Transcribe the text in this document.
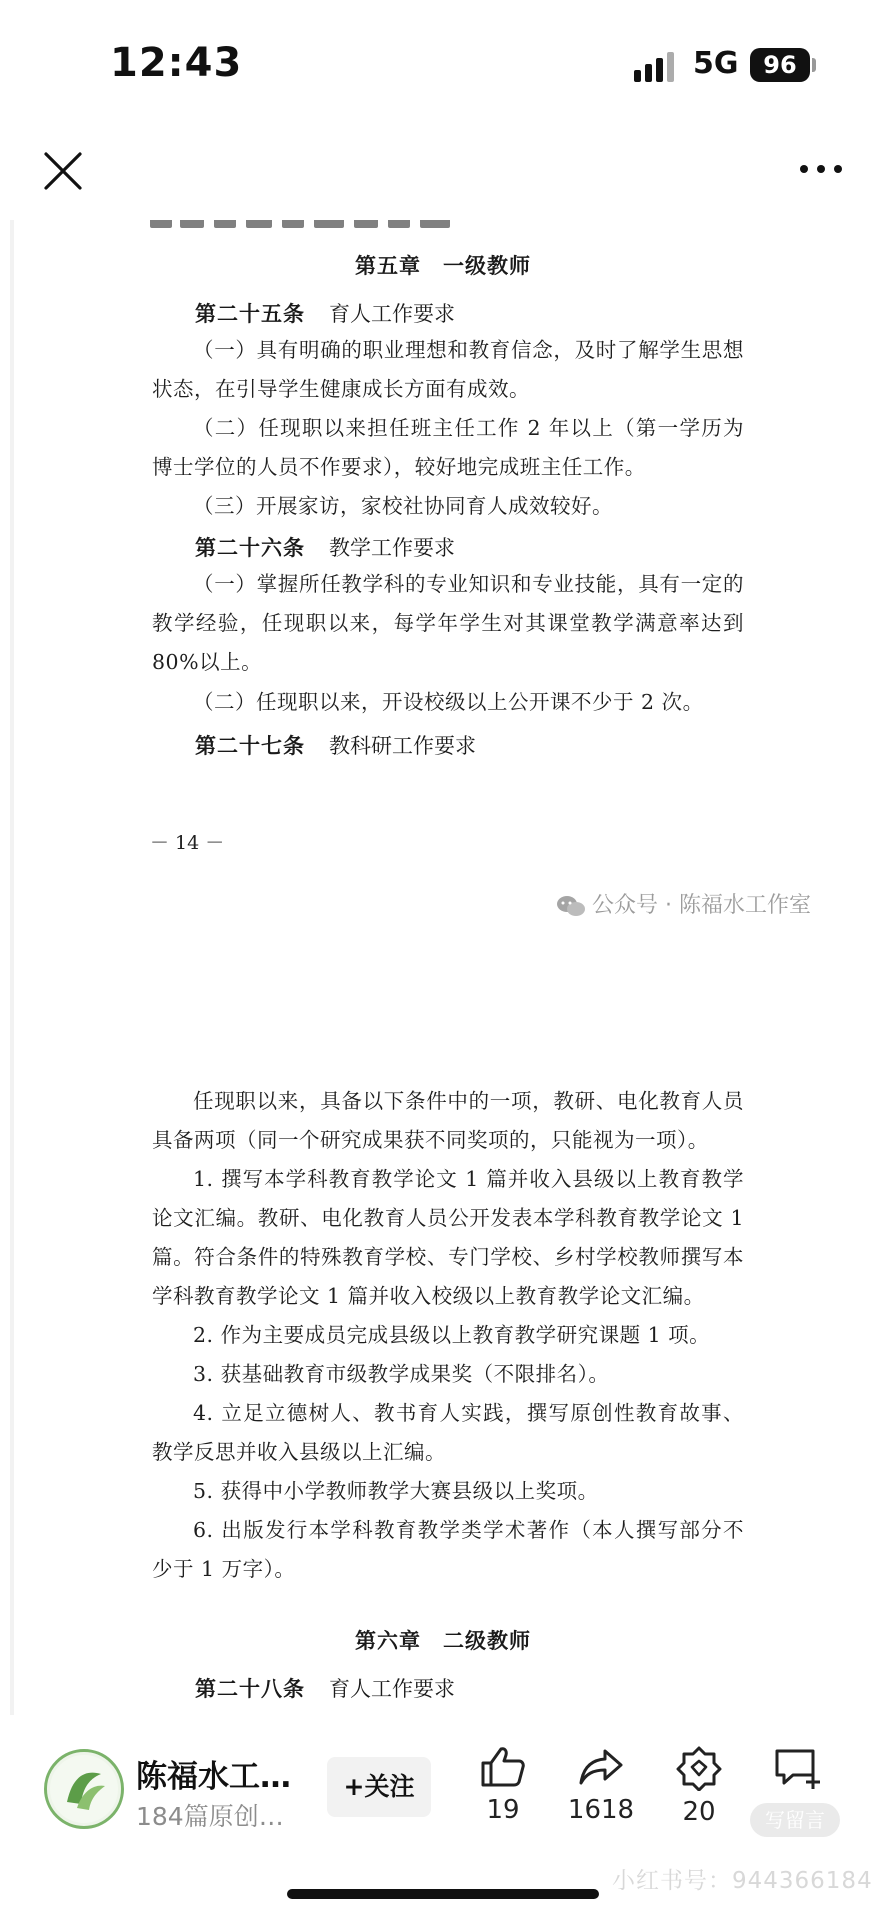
12:43	5G	96
第五章　一级教师
第二十五条 育人工作要求
（一）具有明确的职业理想和教育信念，及时了解学生思想状态，在引导学生健康成长方面有成效。
（二）任现职以来担任班主任工作 2 年以上（第一学历为博士学位的人员不作要求），较好地完成班主任工作。
（三）开展家访，家校社协同育人成效较好。
第二十六条 教学工作要求
（一）掌握所任教学科的专业知识和专业技能，具有一定的教学经验，任现职以来，每学年学生对其课堂教学满意率达到80%以上。
（二）任现职以来，开设校级以上公开课不少于 2 次。
第二十七条 教科研工作要求
－ 14 －
公众号 · 陈福水工作室
任现职以来，具备以下条件中的一项，教研、电化教育人员具备两项（同一个研究成果获不同奖项的，只能视为一项）。
1. 撰写本学科教育教学论文 1 篇并收入县级以上教育教学论文汇编。教研、电化教育人员公开发表本学科教育教学论文 1 篇。符合条件的特殊教育学校、专门学校、乡村学校教师撰写本学科教育教学论文 1 篇并收入校级以上教育教学论文汇编。
2. 作为主要成员完成县级以上教育教学研究课题 1 项。
3. 获基础教育市级教学成果奖（不限排名）。
4. 立足立德树人、教书育人实践，撰写原创性教育故事、教学反思并收入县级以上汇编。
5. 获得中小学教师教学大赛县级以上奖项。
6. 出版发行本学科教育教学类学术著作（本人撰写部分不少于 1 万字）。
第六章　二级教师
第二十八条 育人工作要求
陈福水工…
184篇原创…
+关注
19	1618	20	写留言
小红书号：944366184
